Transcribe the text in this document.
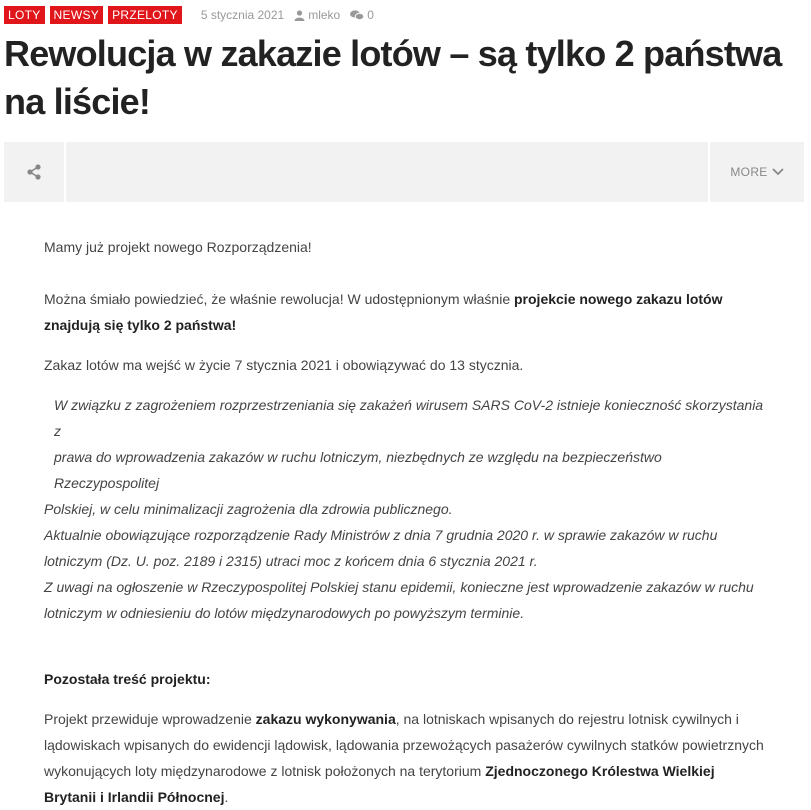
LOTY	NEWSY	PRZELOTY	5 stycznia 2021 mleko 0
Rewolucja w zakazie lotów – są tylko 2 państwa na liście!
MORE

Mamy już projekt nowego Rozporządzenia!

Można śmiało powiedzieć, że właśnie rewolucja! W udostępnionym właśnie projekcie nowego zakazu lotów znajdują się tylko 2 państwa!

Zakaz lotów ma wejść w życie 7 stycznia 2021 i obowiązywać do 13 stycznia.

W związku z zagrożeniem rozprzestrzeniania się zakażeń wirusem SARS CoV-2 istnieje konieczność skorzystania z

prawa do wprowadzenia zakazów w ruchu lotniczym, niezbędnych ze względu na bezpieczeństwo Rzeczypospolitej

Polskiej, w celu minimalizacji zagrożenia dla zdrowia publicznego.

Aktualnie obowiązujące rozporządzenie Rady Ministrów z dnia 7 grudnia 2020 r. w sprawie zakazów w ruchu lotniczym (Dz. U. poz. 2189 i 2315) utraci moc z końcem dnia 6 stycznia 2021 r.

Z uwagi na ogłoszenie w Rzeczypospolitej Polskiej stanu epidemii, konieczne jest wprowadzenie zakazów w ruchu lotniczym w odniesieniu do lotów międzynarodowych po powyższym terminie.

Pozostała treść projektu:

Projekt przewiduje wprowadzenie zakazu wykonywania, na lotniskach wpisanych do rejestru lotnisk cywilnych i lądowiskach wpisanych do ewidencji lądowisk, lądowania przewożących pasażerów cywilnych statków powietrznych wykonujących loty międzynarodowe z lotnisk położonych na terytorium Zjednoczonego Królestwa Wielkiej Brytanii i Irlandii Północnej.
